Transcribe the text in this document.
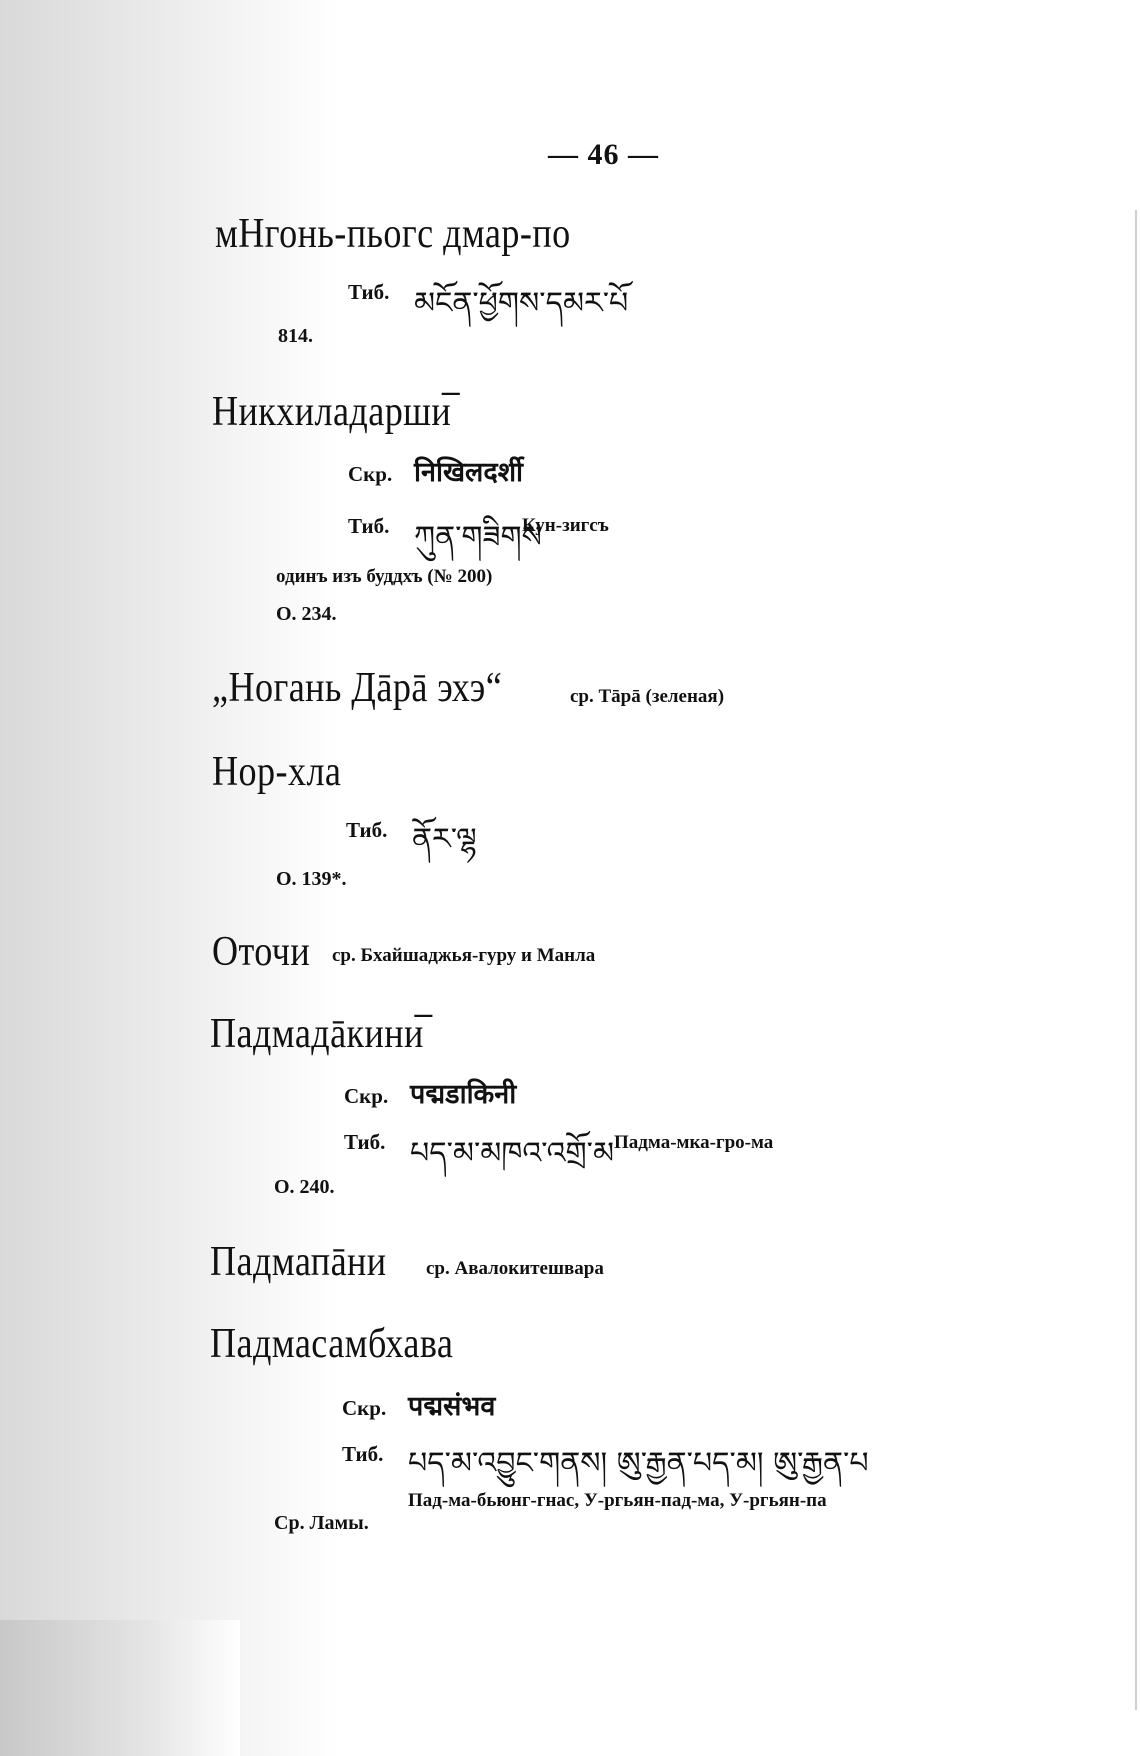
— 46 —
мНгонь-пьогс дмар-по
Тиб. མངོན་ཕྱོགས་དམར་པོ
814.
Никхиладарши̅
Скр. निखिलदर्शी
Тиб. ཀུན་གཟིགས
Кун-зигсъ
одинъ изъ буддхъ (№ 200)
О. 234.
„Ногань Дāрā эхэ“	ср. Тāрā (зеленая)
Нор-хла
Тиб. ནོར་ལྷ
О. 139*.
Оточи ср. Бхайшаджья-гуру и Манла
Падмадāкини̅
Скр. पद्मडाकिनी
Тиб. པད་མ་མཁའ་འགྲོ་མ Падма-мка-гро-ма
О. 240.
Падмапāни ср. Авалокитешвара
Падмасамбхава
Скр. पद्मसंभव
Тиб. པད་མ་འབྱུང་གནས། ཨུ་རྒྱན་པད་མ། ཨུ་རྒྱན་པ
Пад-ма-бьюнг-гнас, У-ргьян-пад-ма, У-ргьян-па
Ср. Ламы.
